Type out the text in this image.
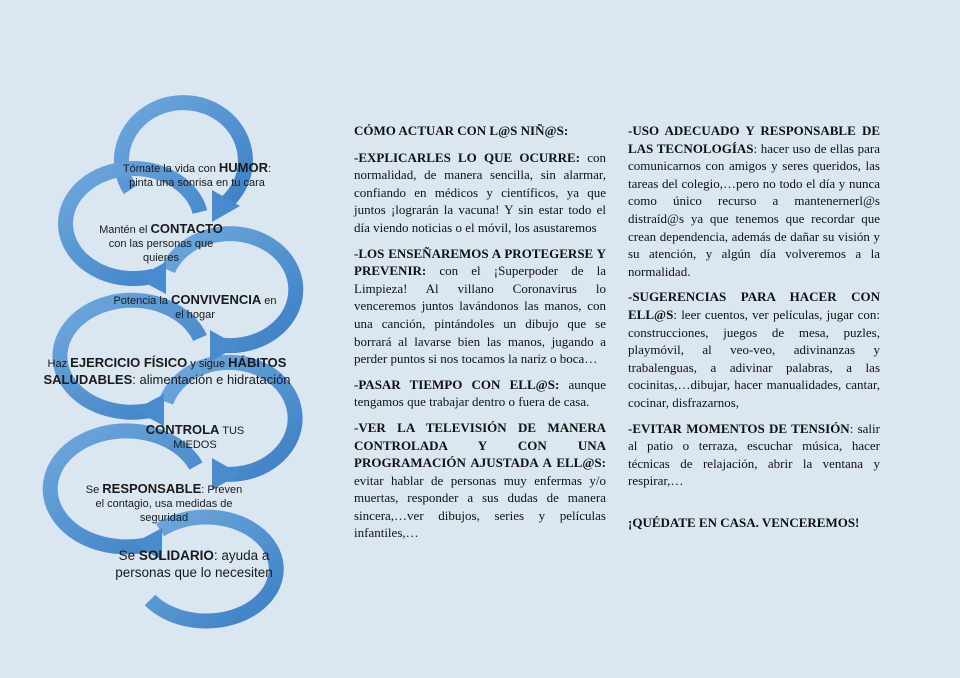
Tómate la vida con HUMOR: pinta una sonrisa en tu cara
Mantén el CONTACTO con las personas que quieres
Potencia la CONVIVENCIA en el hogar
Haz EJERCICIO FÍSICO y sigue HÁBITOS SALUDABLES: alimentación e hidratación
CONTROLA TUS MIEDOS
Se RESPONSABLE: Preven el contagio, usa medidas de seguridad
Se SOLIDARIO: ayuda a personas que lo necesiten

CÓMO ACTUAR CON L@S NIÑ@S:

-EXPLICARLES LO QUE OCURRE: con normalidad, de manera sencilla, sin alarmar, confiando en médicos y científicos, ya que juntos ¡lograrán la vacuna! Y sin estar todo el día viendo noticias o el móvil, los asustaremos

-LOS ENSEÑAREMOS A PROTEGERSE Y PREVENIR: con el ¡Superpoder de la Limpieza! Al villano Coronavirus lo venceremos juntos lavándonos las manos, con una canción, pintándoles un dibujo que se borrará al lavarse bien las manos, jugando a perder puntos si nos tocamos la nariz o boca…

-PASAR TIEMPO CON ELL@S: aunque tengamos que trabajar dentro o fuera de casa.

-VER LA TELEVISIÓN DE MANERA CONTROLADA Y CON UNA PROGRAMACIÓN AJUSTADA A ELL@S: evitar hablar de personas muy enfermas y/o muertas, responder a sus dudas de manera sincera,…ver dibujos, series y películas infantiles,…

-USO ADECUADO Y RESPONSABLE DE LAS TECNOLOGÍAS: hacer uso de ellas para comunicarnos con amigos y seres queridos, las tareas del colegio,…pero no todo el día y nunca como único recurso a mantenernerl@s distraíd@s ya que tenemos que recordar que crean dependencia, además de dañar su visión y su atención, y algún día volveremos a la normalidad.

-SUGERENCIAS PARA HACER CON ELL@S: leer cuentos, ver películas, jugar con: construcciones, juegos de mesa, puzles, playmóvil, al veo-veo, adivinanzas y trabalenguas, a adivinar palabras, a las cocinitas,…dibujar, hacer manualidades, cantar, cocinar, disfrazarnos,

-EVITAR MOMENTOS DE TENSIÓN: salir al patio o terraza, escuchar música, hacer técnicas de relajación, abrir la ventana y respirar,…

¡QUÉDATE EN CASA. VENCEREMOS!
